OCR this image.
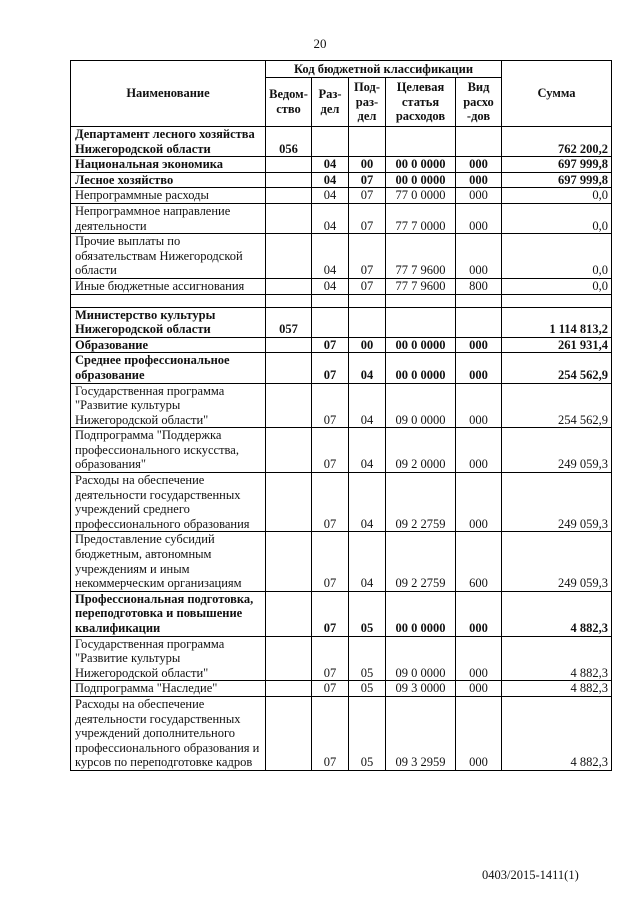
20
Наименование	Код бюджетной классификации					Сумма
	Ведом-ство	Раз-дел	Под-раз-дел	Целевая статья расходов	Вид расхо -дов	
Департамент лесного хозяйства Нижегородской области	056					762 200,2
Национальная экономика		04	00	00 0 0000	000	697 999,8
Лесное хозяйство		04	07	00 0 0000	000	697 999,8
Непрограммные расходы		04	07	77 0 0000	000	0,0
Непрограммное направление деятельности		04	07	77 7 0000	000	0,0
Прочие выплаты по обязательствам Нижегородской области		04	07	77 7 9600	000	0,0
Иные бюджетные ассигнования		04	07	77 7 9600	800	0,0

Министерство культуры Нижегородской области	057					1 114 813,2
Образование		07	00	00 0 0000	000	261 931,4
Среднее профессиональное образование		07	04	00 0 0000	000	254 562,9
Государственная программа "Развитие культуры Нижегородской области"		07	04	09 0 0000	000	254 562,9
Подпрограмма "Поддержка профессионального искусства, образования"		07	04	09 2 0000	000	249 059,3
Расходы на обеспечение деятельности государственных учреждений среднего профессионального образования		07	04	09 2 2759	000	249 059,3
Предоставление субсидий бюджетным, автономным учреждениям и иным некоммерческим организациям		07	04	09 2 2759	600	249 059,3
Профессиональная подготовка, переподготовка и повышение квалификации		07	05	00 0 0000	000	4 882,3
Государственная программа "Развитие культуры Нижегородской области"		07	05	09 0 0000	000	4 882,3
Подпрограмма "Наследие"		07	05	09 3 0000	000	4 882,3
Расходы на обеспечение деятельности государственных учреждений дополнительного профессионального образования и курсов по переподготовке кадров		07	05	09 3 2959	000	4 882,3
0403/2015-1411(1)
